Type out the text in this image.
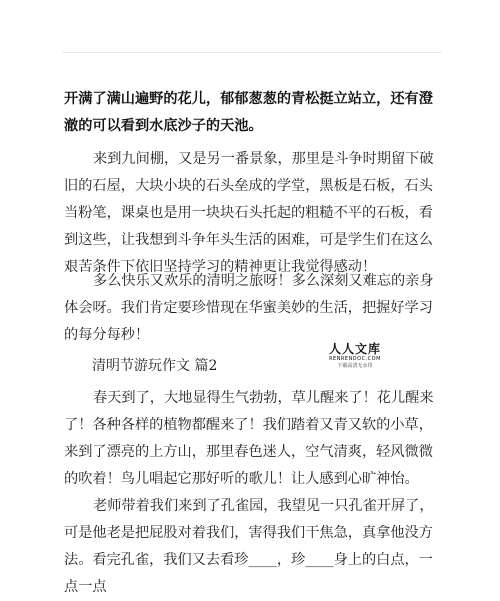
开满了满山遍野的花儿，郁郁葱葱的青松挺立站立，还有澄澈的可以看到水底沙子的天池。

来到九间棚，又是另一番景象，那里是斗争时期留下破旧的石屋，大块小块的石头垒成的学堂，黑板是石板，石头当粉笔，课桌也是用一块块石头托起的粗糙不平的石板，看到这些，让我想到斗争年头生活的困难，可是学生们在这么艰苦条件下依旧坚持学习的精神更让我觉得感动！

多么快乐又欢乐的清明之旅呀！多么深刻又难忘的亲身体会呀。我们肯定要珍惜现在华蜜美妙的生活，把握好学习的每分每秒！

清明节游玩作文 篇2
人人文库
RENRENDOC.COM
下载高清无水印

春天到了，大地显得生气勃勃，草儿醒来了！花儿醒来了！各种各样的植物都醒来了！我们踏着又青又软的小草，来到了漂亮的上方山，那里春色迷人，空气清爽，轻风微微的吹着！鸟儿唱起它那好听的歌儿！让人感到心旷神怡。

老师带着我们来到了孔雀园，我望见一只孔雀开屏了，可是他老是把屁股对着我们，害得我们干焦急，真拿他没方法。看完孔雀，我们又去看珍____，珍____身上的白点，一点一点
